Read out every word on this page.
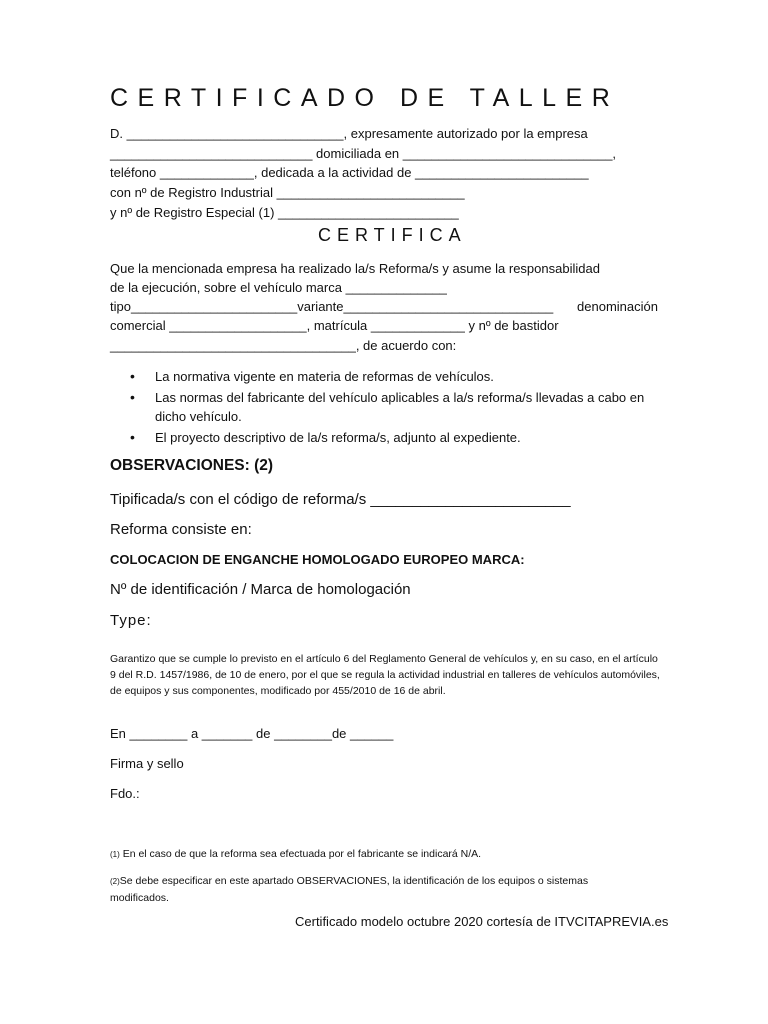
CERTIFICADO DE TALLER
D. ______________________________, expresamente autorizado por la empresa
____________________________ domiciliada en _____________________________,
teléfono _____________, dedicada a la actividad de ________________________
con nº de Registro Industrial __________________________
y nº de Registro Especial (1) _________________________
CERTIFICA
Que la mencionada empresa ha realizado la/s Reforma/s y asume la responsabilidad
de la ejecución, sobre el vehículo marca ______________
tipo_______________________variante_____________________________ denominación
comercial ___________________, matrícula _____________ y nº de bastidor
__________________________________, de acuerdo con:
• La normativa vigente en materia de reformas de vehículos.
• Las normas del fabricante del vehículo aplicables a la/s reforma/s llevadas a cabo en dicho vehículo.
• El proyecto descriptivo de la/s reforma/s, adjunto al expediente.
OBSERVACIONES: (2)
Tipificada/s con el código de reforma/s ________________________
Reforma consiste en:
COLOCACION DE ENGANCHE HOMOLOGADO EUROPEO MARCA:
Nº de identificación / Marca de homologación
Type:
Garantizo que se cumple lo previsto en el artículo 6 del Reglamento General de vehículos y, en su caso, en el artículo 9 del R.D. 1457/1986, de 10 de enero, por el que se regula la actividad industrial en talleres de vehículos automóviles, de equipos y sus componentes, modificado por 455/2010 de 16 de abril.
En ________ a _______ de ________de ______
Firma y sello
Fdo.:
(1) En el caso de que la reforma sea efectuada por el fabricante se indicará N/A.
(2)Se debe especificar en este apartado OBSERVACIONES, la identificación de los equipos o sistemas modificados.
Certificado modelo octubre 2020 cortesía de ITVCITAPREVIA.es
